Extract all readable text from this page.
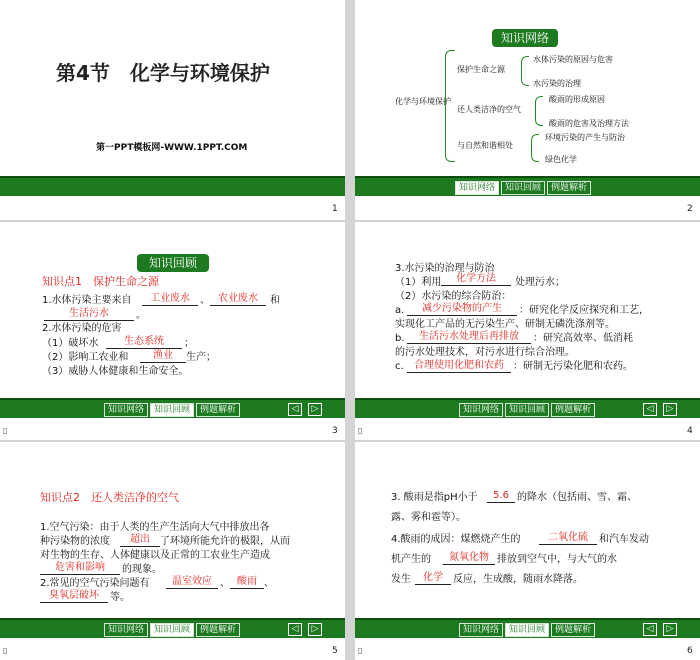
第4节　化学与环境保护
第一PPT模板网-WWW.1PPT.COM
1
知识网络
化学与环境保护
保护生命之源
水体污染的原因与危害
水污染的治理
还人类洁净的空气
酸雨的形成原因
酸雨的危害及治理方法
与自然和谐相处
环境污染的产生与防治
绿色化学
知识网络	知识回顾	例题解析
2
知识回顾
知识点1　保护生命之源
1.水体污染主要来自	工业废水	、 农业废水	和
生活污水	。
2.水体污染的危害
（1）破坏水	生态系统	；
（2）影响工农业和	渔业	生产；
（3）威胁人体健康和生命安全。
知识网络	知识回顾	例题解析	◁	▷
▯	3
3.水污染的治理与防治
（1）利用	化学方法	处理污水；
（2）水污染的综合防治：
a.	减少污染物的产生	：研究化学反应探究和工艺，
实现化工产品的无污染生产、研制无磷洗涤剂等。
b.	生活污水处理后再排放	：研究高效率、低消耗
的污水处理技术，对污水进行综合治理。
c.	合理使用化肥和农药 ：研制无污染化肥和农药。
知识网络	知识回顾	例题解析	◁	▷
▯	4
知识点2　还人类洁净的空气
1.空气污染：由于人类的生产生活向大气中排放出各
种污染物的浓度	超出	了环境所能允许的极限，从而
对生物的生存、人体健康以及正常的工农业生产造成
危害和影响	的现象。
2.常见的空气污染问题有	温室效应 、 酸雨 、
臭氧层破坏	等。
知识网络	知识回顾	例题解析	◁	▷
▯	5
3. 酸雨是指pH小于	5.6 的降水（包括雨、雪、霜、
露、雾和雹等）。
4.酸雨的成因：煤燃烧产生的	二氧化硫	和汽车发动
机产生的	氮氧化物 排放到空气中，与大气的水
发生	化学	反应，生成酸，随雨水降落。
知识网络	知识回顾	例题解析	◁	▷
▯	6
